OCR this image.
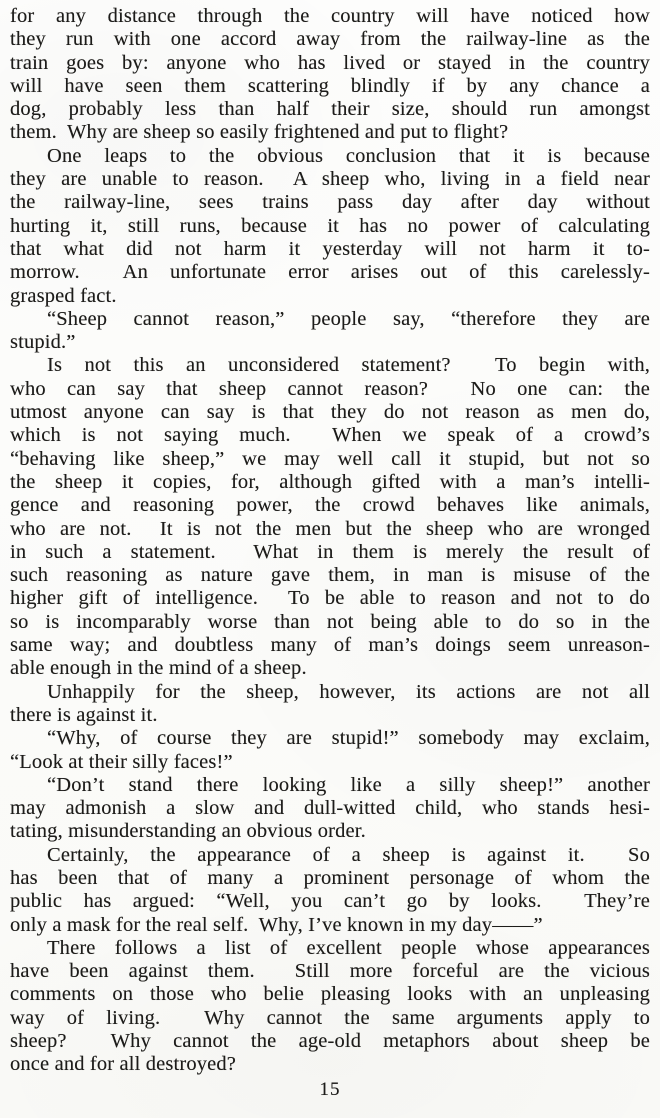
for any distance through the country will have noticed how
they run with one accord away from the railway-line as the
train goes by: anyone who has lived or stayed in the country
will have seen them scattering blindly if by any chance a
dog, probably less than half their size, should run amongst
them.  Why are sheep so easily frightened and put to flight?
One leaps to the obvious conclusion that it is because
they are unable to reason.  A sheep who, living in a field near
the railway-line, sees trains pass day after day without
hurting it, still runs, because it has no power of calculating
that what did not harm it yesterday will not harm it to-
morrow.  An unfortunate error arises out of this carelessly-
grasped fact.
“Sheep cannot reason,” people say, “therefore they are
stupid.”
Is not this an unconsidered statement?  To begin with,
who can say that sheep cannot reason?  No one can: the
utmost anyone can say is that they do not reason as men do,
which is not saying much.  When we speak of a crowd’s
“behaving like sheep,” we may well call it stupid, but not so
the sheep it copies, for, although gifted with a man’s intelli-
gence and reasoning power, the crowd behaves like animals,
who are not.  It is not the men but the sheep who are wronged
in such a statement.  What in them is merely the result of
such reasoning as nature gave them, in man is misuse of the
higher gift of intelligence.  To be able to reason and not to do
so is incomparably worse than not being able to do so in the
same way; and doubtless many of man’s doings seem unreason-
able enough in the mind of a sheep.
Unhappily for the sheep, however, its actions are not all
there is against it.
“Why, of course they are stupid!” somebody may exclaim,
“Look at their silly faces!”
“Don’t stand there looking like a silly sheep!” another
may admonish a slow and dull-witted child, who stands hesi-
tating, misunderstanding an obvious order.
Certainly, the appearance of a sheep is against it.  So
has been that of many a prominent personage of whom the
public has argued: “Well, you can’t go by looks.  They’re
only a mask for the real self.  Why, I’ve known in my day——”
There follows a list of excellent people whose appearances
have been against them.  Still more forceful are the vicious
comments on those who belie pleasing looks with an unpleasing
way of living.  Why cannot the same arguments apply to
sheep?  Why cannot the age-old metaphors about sheep be
once and for all destroyed?
15
